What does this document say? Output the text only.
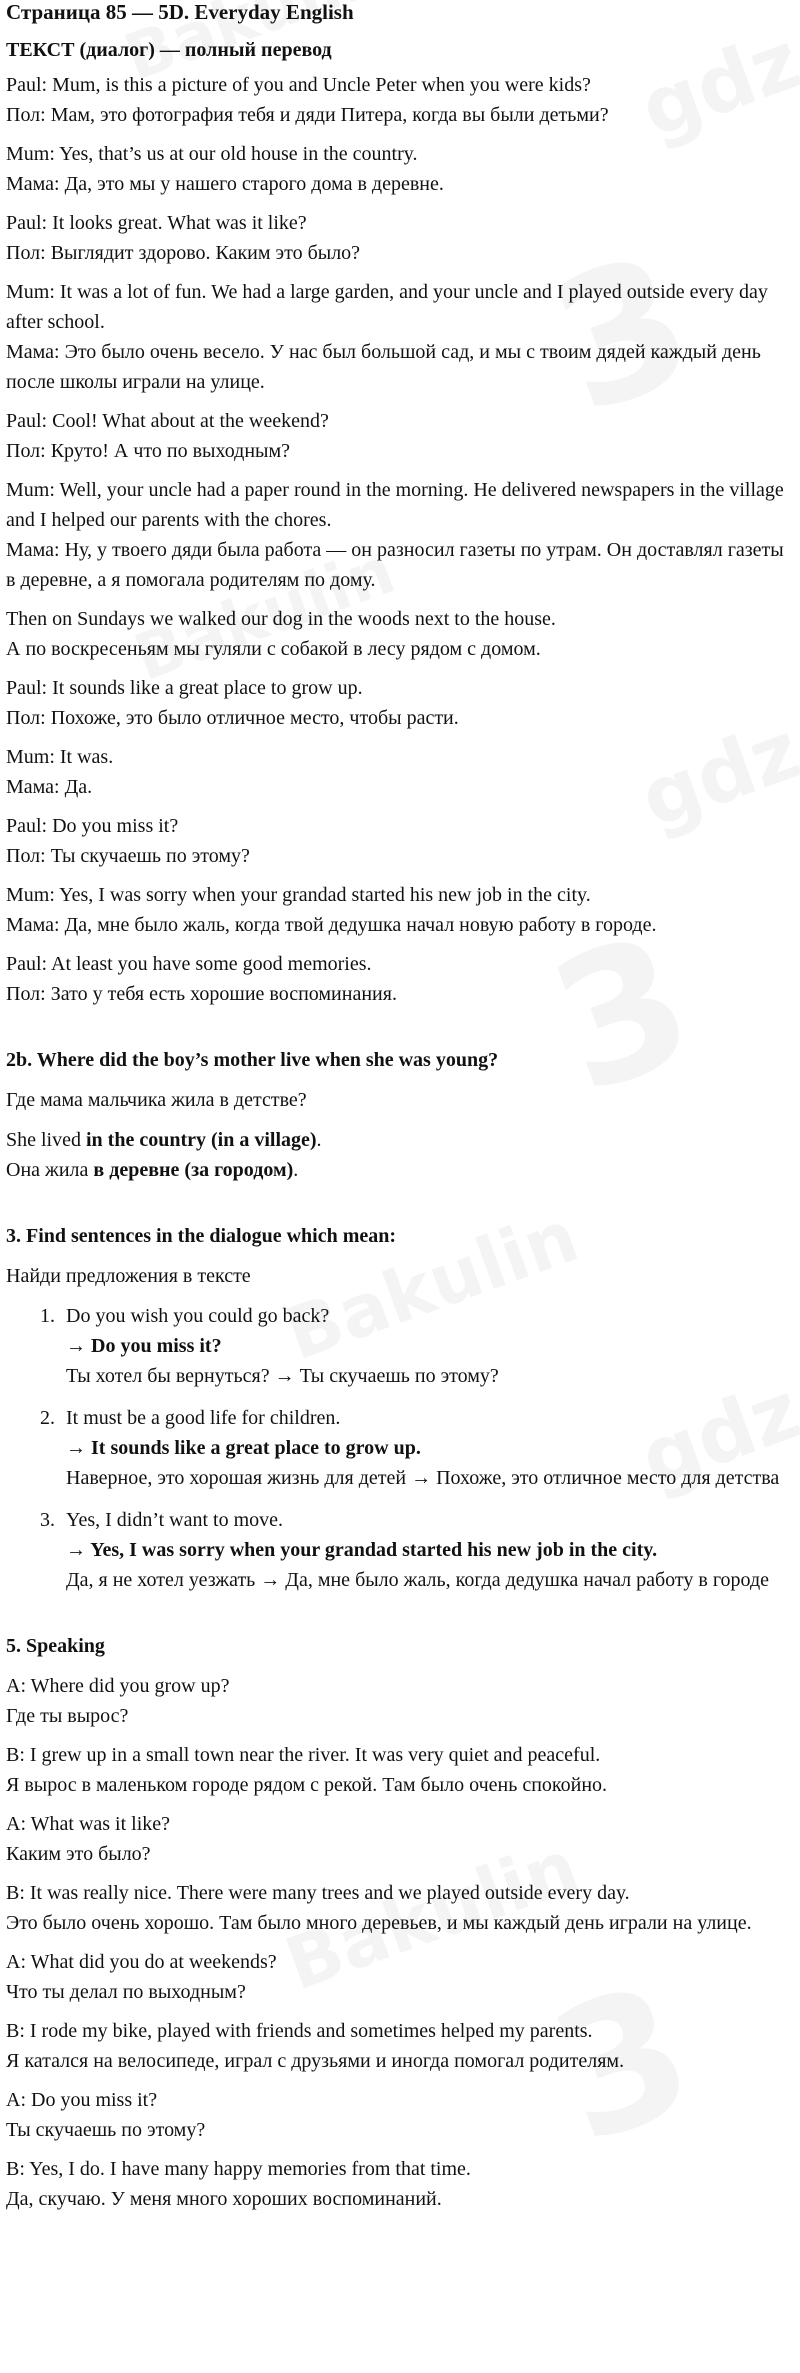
Страница 85 — 5D. Everyday English
ТЕКСТ (диалог) — полный перевод

Paul: Mum, is this a picture of you and Uncle Peter when you were kids?

Пол: Мам, это фотография тебя и дяди Питера, когда вы были детьми?

Mum: Yes, that’s us at our old house in the country.

Мама: Да, это мы у нашего старого дома в деревне.

Paul: It looks great. What was it like?

Пол: Выглядит здорово. Каким это было?

Mum: It was a lot of fun. We had a large garden, and your uncle and I played outside every day after school.

Мама: Это было очень весело. У нас был большой сад, и мы с твоим дядей каждый день после школы играли на улице.

Paul: Cool! What about at the weekend?

Пол: Круто! А что по выходным?

Mum: Well, your uncle had a paper round in the morning. He delivered newspapers in the village and I helped our parents with the chores.

Мама: Ну, у твоего дяди была работа — он разносил газеты по утрам. Он доставлял газеты в деревне, а я помогала родителям по дому.

Then on Sundays we walked our dog in the woods next to the house.

А по воскресеньям мы гуляли с собакой в лесу рядом с домом.

Paul: It sounds like a great place to grow up.

Пол: Похоже, это было отличное место, чтобы расти.

Mum: It was.

Мама: Да.

Paul: Do you miss it?

Пол: Ты скучаешь по этому?

Mum: Yes, I was sorry when your grandad started his new job in the city.

Мама: Да, мне было жаль, когда твой дедушка начал новую работу в городе.

Paul: At least you have some good memories.

Пол: Зато у тебя есть хорошие воспоминания.

2b. Where did the boy’s mother live when she was young?

Где мама мальчика жила в детстве?

She lived in the country (in a village).

Она жила в деревне (за городом).

3. Find sentences in the dialogue which mean:

Найди предложения в тексте

1. Do you wish you could go back?

→ Do you miss it?

Ты хотел бы вернуться? → Ты скучаешь по этому?

2. It must be a good life for children.

→ It sounds like a great place to grow up.

Наверное, это хорошая жизнь для детей → Похоже, это отличное место для детства

3. Yes, I didn’t want to move.

→ Yes, I was sorry when your grandad started his new job in the city.

Да, я не хотел уезжать → Да, мне было жаль, когда дедушка начал работу в городе

5. Speaking

A: Where did you grow up?

Где ты вырос?

B: I grew up in a small town near the river. It was very quiet and peaceful.

Я вырос в маленьком городе рядом с рекой. Там было очень спокойно.

A: What was it like?

Каким это было?

B: It was really nice. There were many trees and we played outside every day.

Это было очень хорошо. Там было много деревьев, и мы каждый день играли на улице.

A: What did you do at weekends?

Что ты делал по выходным?

B: I rode my bike, played with friends and sometimes helped my parents.

Я катался на велосипеде, играл с друзьями и иногда помогал родителям.

A: Do you miss it?

Ты скучаешь по этому?

B: Yes, I do. I have many happy memories from that time.

Да, скучаю. У меня много хороших воспоминаний.
